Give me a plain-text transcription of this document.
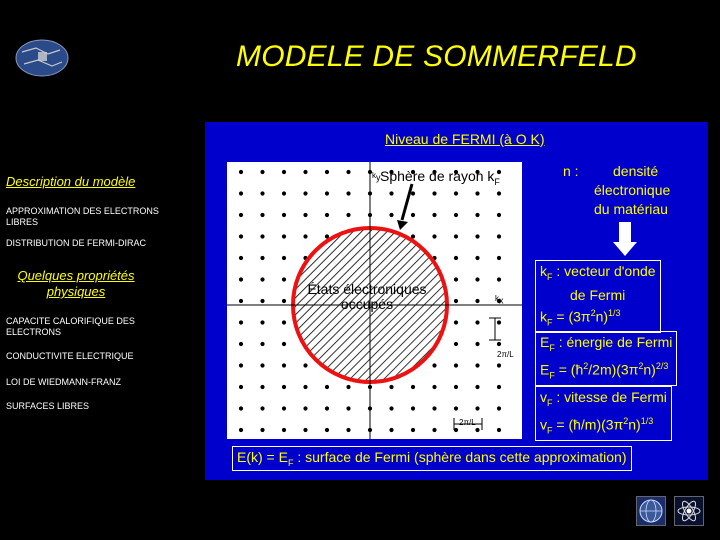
MODELE DE SOMMERFELD
Description du modèle
APPROXIMATION DES ELECTRONS LIBRES
DISTRIBUTION DE FERMI-DIRAC
Quelques propriétés physiques
CAPACITE CALORIFIQUE DES ELECTRONS
CONDUCTIVITE ELECTRIQUE
LOI DE WIEDMANN-FRANZ
SURFACES LIBRES
Niveau de FERMI (à O K)
$k_y$
$k_x$
Sphère de rayon $k_F$
États électroniques
occupés
2π/L
2π/L
n : densité
électronique
du matériau
$k_F$ : vecteur d'onde
de Fermi
$k_F = (3\pi^2n)^{1/3}$
$E_F$ : énergie de Fermi
$E_F$ = $(ħ^2/2m)(3\pi^2n)^{2/3}$
$v_F$ : vitesse de Fermi
$v_F$ = $(ħ/m)(3\pi^2n)^{1/3}$
$E(k) = E_F$ : surface de Fermi (sphère dans cette approximation)
